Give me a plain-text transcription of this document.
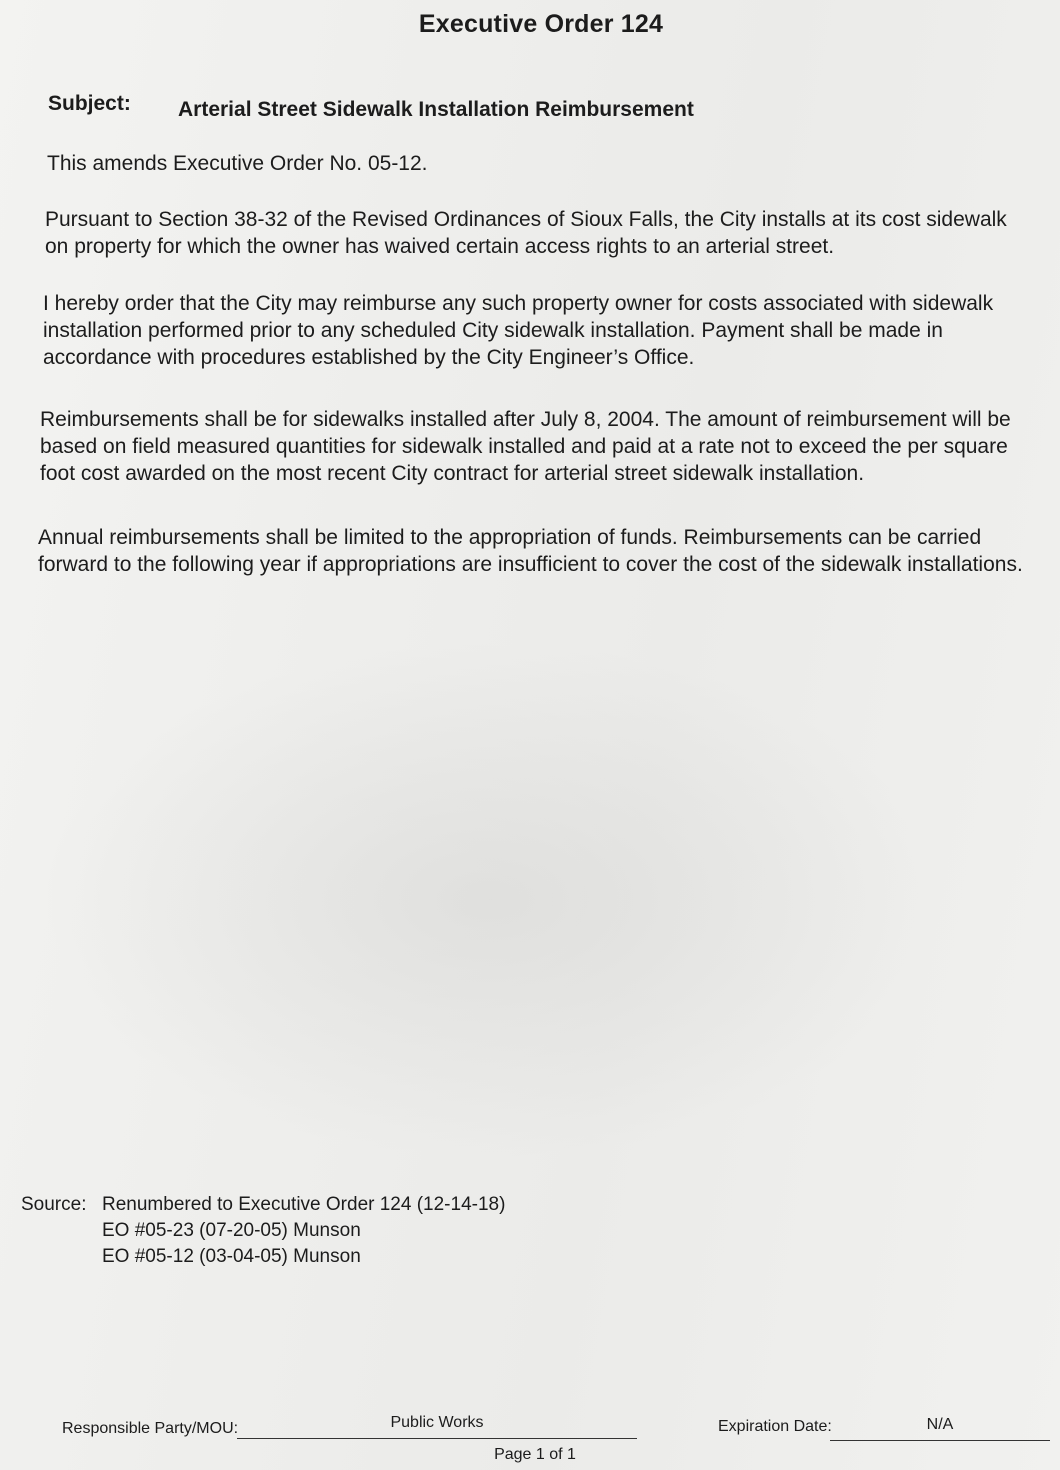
Executive Order 124
Subject: Arterial Street Sidewalk Installation Reimbursement

This amends Executive Order No. 05-12.

Pursuant to Section 38-32 of the Revised Ordinances of Sioux Falls, the City installs at its cost sidewalk on property for which the owner has waived certain access rights to an arterial street.

I hereby order that the City may reimburse any such property owner for costs associated with sidewalk installation performed prior to any scheduled City sidewalk installation. Payment shall be made in accordance with procedures established by the City Engineer’s Office.

Reimbursements shall be for sidewalks installed after July 8, 2004. The amount of reimbursement will be based on field measured quantities for sidewalk installed and paid at a rate not to exceed the per square foot cost awarded on the most recent City contract for arterial street sidewalk installation.

Annual reimbursements shall be limited to the appropriation of funds. Reimbursements can be carried forward to the following year if appropriations are insufficient to cover the cost of the sidewalk installations.

Source: Renumbered to Executive Order 124 (12-14-18)
EO #05-23 (07-20-05) Munson
EO #05-12 (03-04-05) Munson
Responsible Party/MOU:	Public Works	Expiration Date:	N/A
Page 1 of 1
